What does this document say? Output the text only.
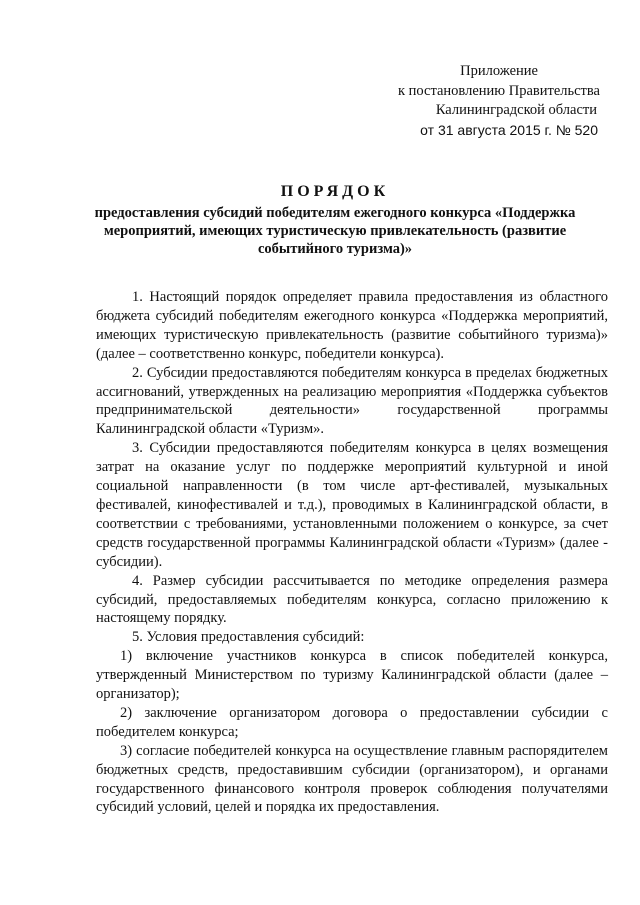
Приложение
к постановлению Правительства
Калининградской области
от 31 августа 2015 г. № 520
ПОРЯДОК
предоставления субсидий победителям ежегодного конкурса «Поддержка мероприятий, имеющих туристическую привлекательность (развитие событийного туризма)»

1. Настоящий порядок определяет правила предоставления из областного бюджета субсидий победителям ежегодного конкурса «Поддержка мероприятий, имеющих туристическую привлекательность (развитие событийного туризма)» (далее – соответственно конкурс, победители конкурса).

2. Субсидии предоставляются победителям конкурса в пределах бюджетных ассигнований, утвержденных на реализацию мероприятия «Поддержка субъектов предпринимательской деятельности» государственной программы Калининградской области «Туризм».

3. Субсидии предоставляются победителям конкурса в целях возмещения затрат на оказание услуг по поддержке мероприятий культурной и иной социальной направленности (в том числе арт-фестивалей, музыкальных фестивалей, кинофестивалей и т.д.), проводимых в Калининградской области, в соответствии с требованиями, установленными положением о конкурсе, за счет средств государственной программы Калининградской области «Туризм» (далее - субсидии).

4. Размер субсидии рассчитывается по методике определения размера субсидий, предоставляемых победителям конкурса, согласно приложению к настоящему порядку.

5. Условия предоставления субсидий:

1) включение участников конкурса в список победителей конкурса, утвержденный Министерством по туризму Калининградской области (далее – организатор);

2) заключение организатором договора о предоставлении субсидии с победителем конкурса;

3) согласие победителей конкурса на осуществление главным распорядителем бюджетных средств, предоставившим субсидии (организатором), и органами государственного финансового контроля проверок соблюдения получателями субсидий условий, целей и порядка их предоставления.
